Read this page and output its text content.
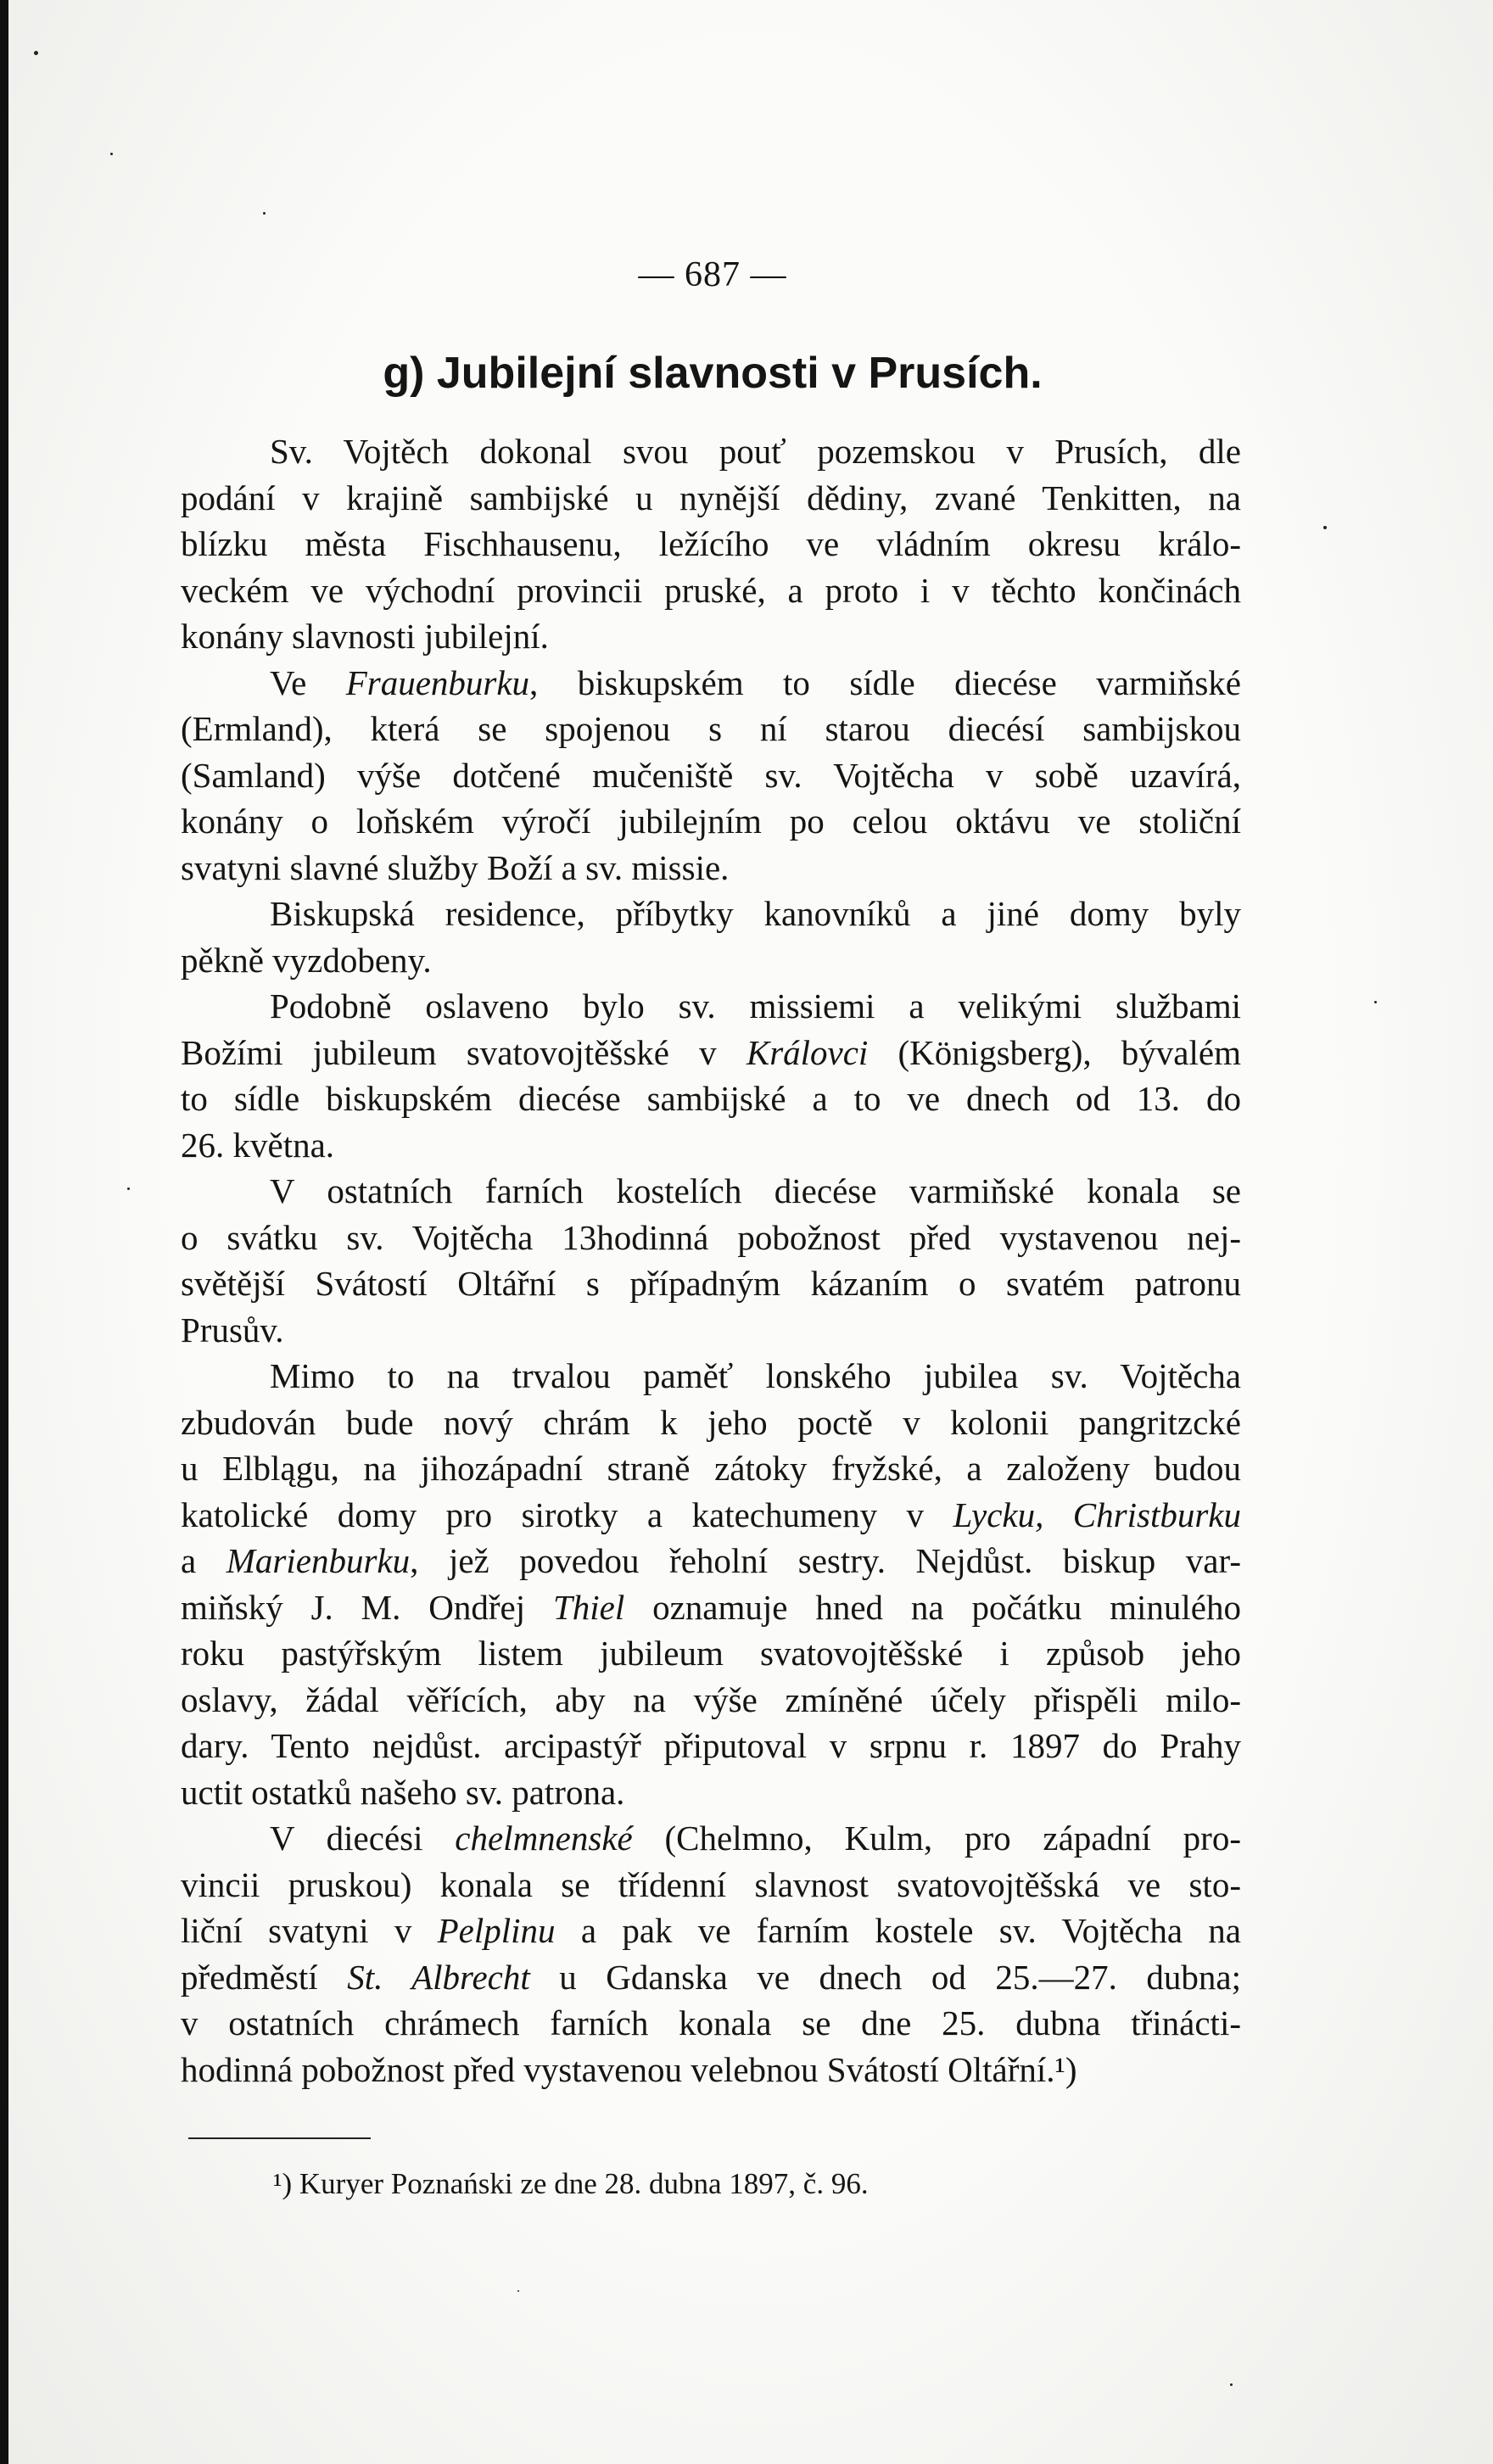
— 687 —
g) Jubilejní slavnosti v Prusích.
Sv. Vojtěch dokonal svou pouť pozemskou v Prusích, dle
podání v krajině sambijské u nynější dědiny, zvané Tenkitten, na
blízku města Fischhausenu, ležícího ve vládním okresu králo-
veckém ve východní provincii pruské, a proto i v těchto končinách
konány slavnosti jubilejní.
Ve Frauenburku, biskupském to sídle diecése varmiňské
(Ermland), která se spojenou s ní starou diecésí sambijskou
(Samland) výše dotčené mučeniště sv. Vojtěcha v sobě uzavírá,
konány o loňském výročí jubilejním po celou oktávu ve stoliční
svatyni slavné služby Boží a sv. missie.
Biskupská residence, příbytky kanovníků a jiné domy byly
pěkně vyzdobeny.
Podobně oslaveno bylo sv. missiemi a velikými službami
Božími jubileum svatovojtěšské v Královci (Königsberg), bývalém
to sídle biskupském diecése sambijské a to ve dnech od 13. do
26. května.
V ostatních farních kostelích diecése varmiňské konala se
o svátku sv. Vojtěcha 13hodinná pobožnost před vystavenou nej-
světější Svátostí Oltářní s případným kázaním o svatém patronu
Prusův.
Mimo to na trvalou paměť lonského jubilea sv. Vojtěcha
zbudován bude nový chrám k jeho poctě v kolonii pangritzcké
u Elblągu, na jihozápadní straně zátoky fryžské, a založeny budou
katolické domy pro sirotky a katechumeny v Lycku, Christburku
a Marienburku, jež povedou řeholní sestry. Nejdůst. biskup var-
miňský J. M. Ondřej Thiel oznamuje hned na počátku minulého
roku pastýřským listem jubileum svatovojtěšské i způsob jeho
oslavy, žádal věřících, aby na výše zmíněné účely přispěli milo-
dary. Tento nejdůst. arcipastýř připutoval v srpnu r. 1897 do Prahy
uctit ostatků našeho sv. patrona.
V diecési chelmnenské (Chelmno, Kulm, pro západní pro-
vincii pruskou) konala se třídenní slavnost svatovojtěšská ve sto-
liční svatyni v Pelplinu a pak ve farním kostele sv. Vojtěcha na
předměstí St. Albrecht u Gdanska ve dnech od 25.—27. dubna;
v ostatních chrámech farních konala se dne 25. dubna třinácti-
hodinná pobožnost před vystavenou velebnou Svátostí Oltářní.¹)
¹) Kuryer Poznański ze dne 28. dubna 1897, č. 96.
